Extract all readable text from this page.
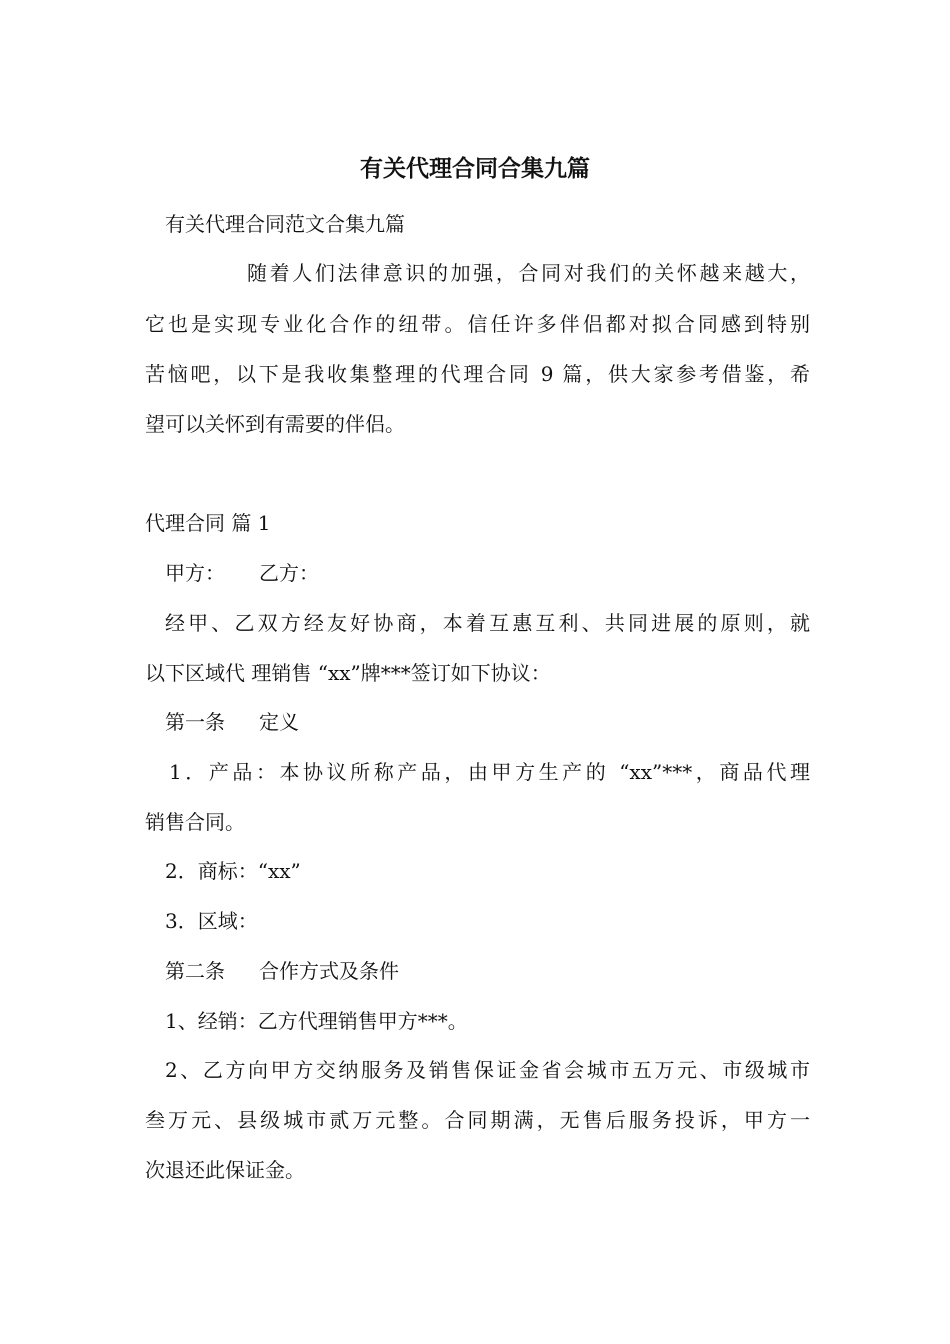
有关代理合同合集九篇

有关代理合同范文合集九篇

随着人们法律意识的加强，合同对我们的关怀越来越大，

它也是实现专业化合作的纽带。信任许多伴侣都对拟合同感到特别

苦恼吧，以下是我收集整理的代理合同 9 篇，供大家参考借鉴，希

望可以关怀到有需要的伴侣。

代理合同 篇 1

甲方： 乙方：

经甲、乙双方经友好协商，本着互惠互利、共同进展的原则，就

以下区域代 理销售 “xx”牌***签订如下协议：

第一条 定义

1．产品：本协议所称产品，由甲方生产的 “xx”***，商品代理

销售合同。

2．商标：“xx”

3．区域：

第二条 合作方式及条件

1、经销：乙方代理销售甲方***。

2、乙方向甲方交纳服务及销售保证金省会城市五万元、市级城市

叁万元、县级城市贰万元整。合同期满，无售后服务投诉，甲方一

次退还此保证金。
